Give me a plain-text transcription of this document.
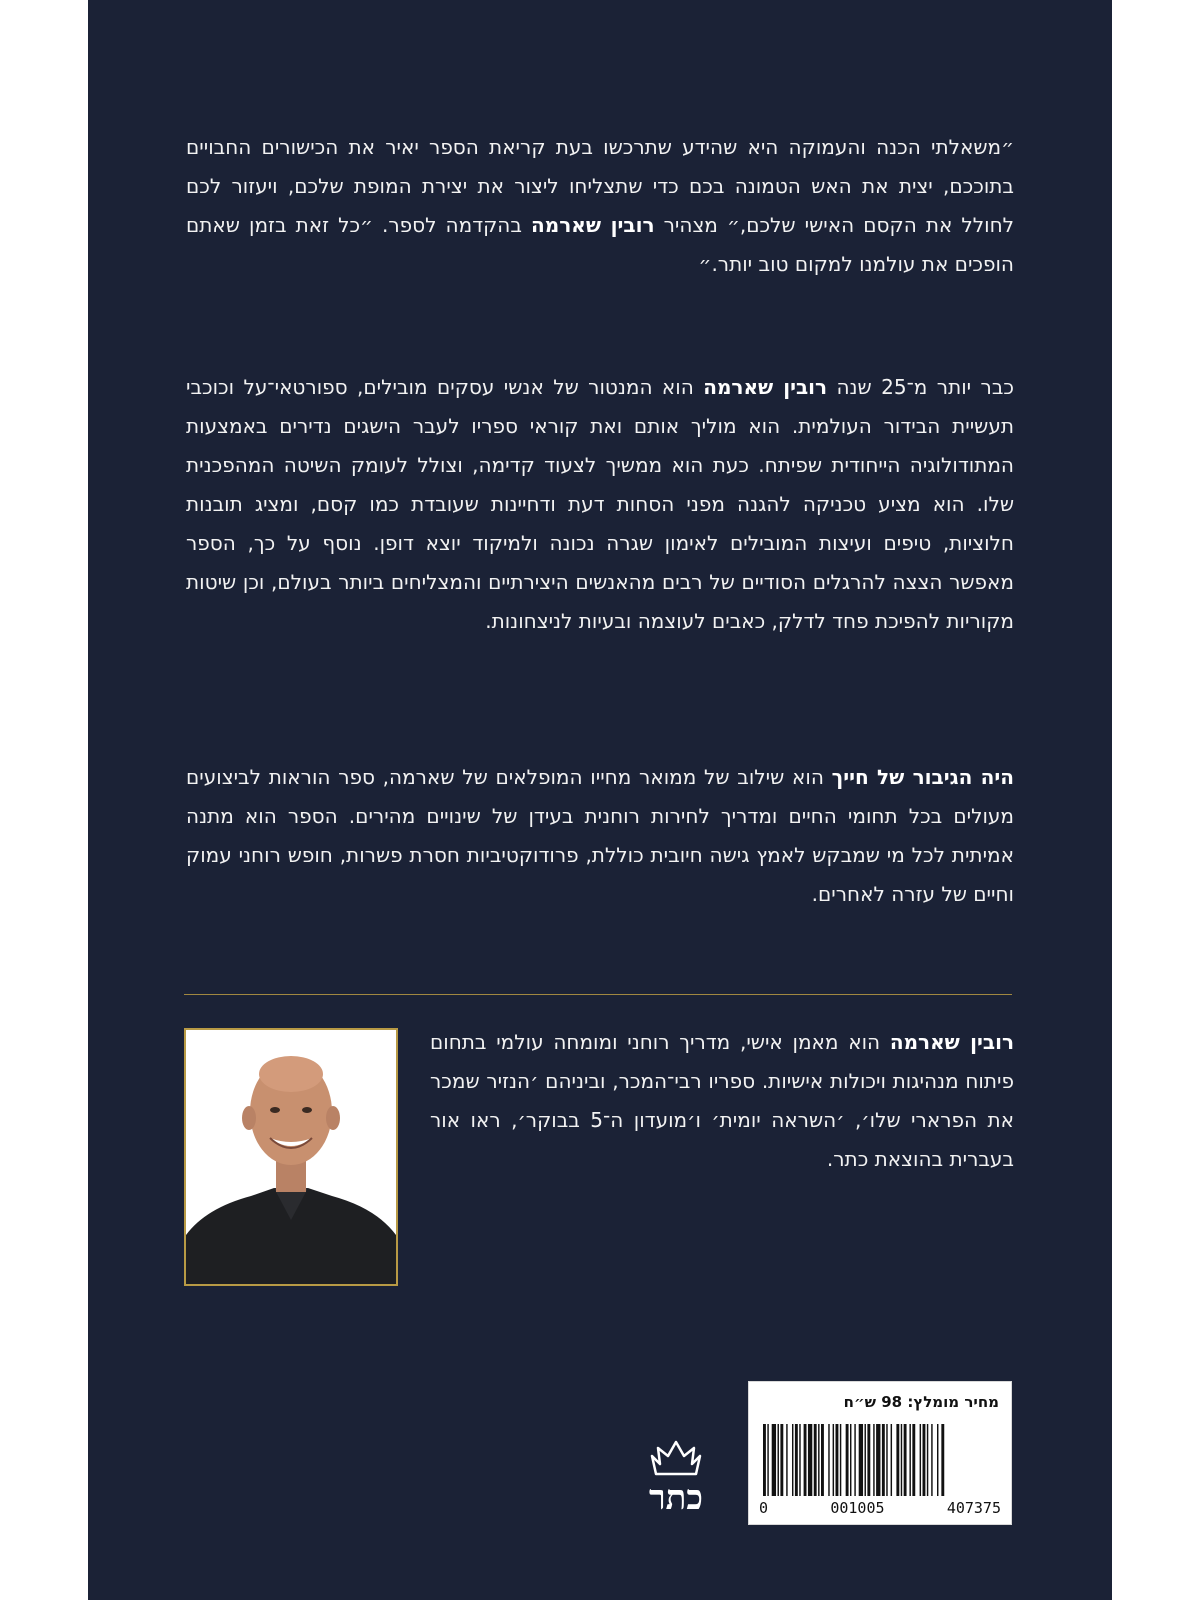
״משאלתי הכנה והעמוקה היא שהידע שתרכשו בעת קריאת הספר יאיר את הכישורים החבויים בתוככם, יצית את האש הטמונה בכם כדי שתצליחו ליצור את יצירת המופת שלכם, ויעזור לכם לחולל את הקסם האישי שלכם,״ מצהיר רובין שארמה בהקדמה לספר. ״כל זאת בזמן שאתם הופכים את עולמנו למקום טוב יותר.״

כבר יותר מ־25 שנה רובין שארמה הוא המנטור של אנשי עסקים מובילים, ספורטאי־על וכוכבי תעשיית הבידור העולמית. הוא מוליך אותם ואת קוראי ספריו לעבר הישגים נדירים באמצעות המתודולוגיה הייחודית שפיתח. כעת הוא ממשיך לצעוד קדימה, וצולל לעומק השיטה המהפכנית שלו. הוא מציע טכניקה להגנה מפני הסחות דעת ודחיינות שעובדת כמו קסם, ומציג תובנות חלוציות, טיפים ועיצות המובילים לאימון שגרה נכונה ולמיקוד יוצא דופן. נוסף על כך, הספר מאפשר הצצה להרגלים הסודיים של רבים מהאנשים היצירתיים והמצליחים ביותר בעולם, וכן שיטות מקוריות להפיכת פחד לדלק, כאבים לעוצמה ובעיות לניצחונות.

היה הגיבור של חייך הוא שילוב של ממואר מחייו המופלאים של שארמה, ספר הוראות לביצועים מעולים בכל תחומי החיים ומדריך לחירות רוחנית בעידן של שינויים מהירים. הספר הוא מתנה אמיתית לכל מי שמבקש לאמץ גישה חיובית כוללת, פרודוקטיביות חסרת פשרות, חופש רוחני עמוק וחיים של עזרה לאחרים.

רובין שארמה הוא מאמן אישי, מדריך רוחני ומומחה עולמי בתחום פיתוח מנהיגות ויכולות אישיות. ספריו רבי־המכר, וביניהם ׳הנזיר שמכר את הפרארי שלו׳, ׳השראה יומית׳ ו׳מועדון ה־5 בבוקר׳, ראו אור בעברית בהוצאת כתר.

כתר
מחיר מומלץ: 98 ש״ח
0	001005	407375
